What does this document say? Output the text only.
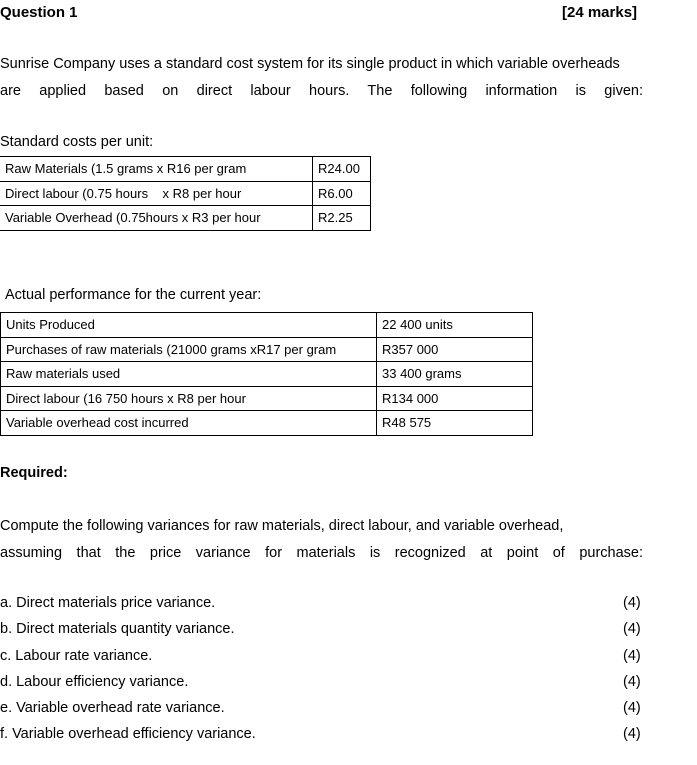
Question 1	[24 marks]
Sunrise Company uses a standard cost system for its single product in which variable overheads
are applied based on direct labour hours. The following information is given:
Standard costs per unit:
Raw Materials (1.5 grams x R16 per gram	R24.00
Direct labour (0.75 hours    x R8 per hour	R6.00
Variable Overhead (0.75hours x R3 per hour	R2.25
Actual performance for the current year:
Units Produced	22 400 units
Purchases of raw materials (21000 grams xR17 per gram	R357 000
Raw materials used	33 400 grams
Direct labour (16 750 hours x R8 per hour	R134 000
Variable overhead cost incurred	R48 575
Required:
Compute the following variances for raw materials, direct labour, and variable overhead,
assuming that the price variance for materials is recognized at point of purchase:
a. Direct materials price variance.	(4)
b. Direct materials quantity variance.	(4)
c. Labour rate variance.	(4)
d. Labour efficiency variance.	(4)
e. Variable overhead rate variance.	(4)
f. Variable overhead efficiency variance.	(4)
